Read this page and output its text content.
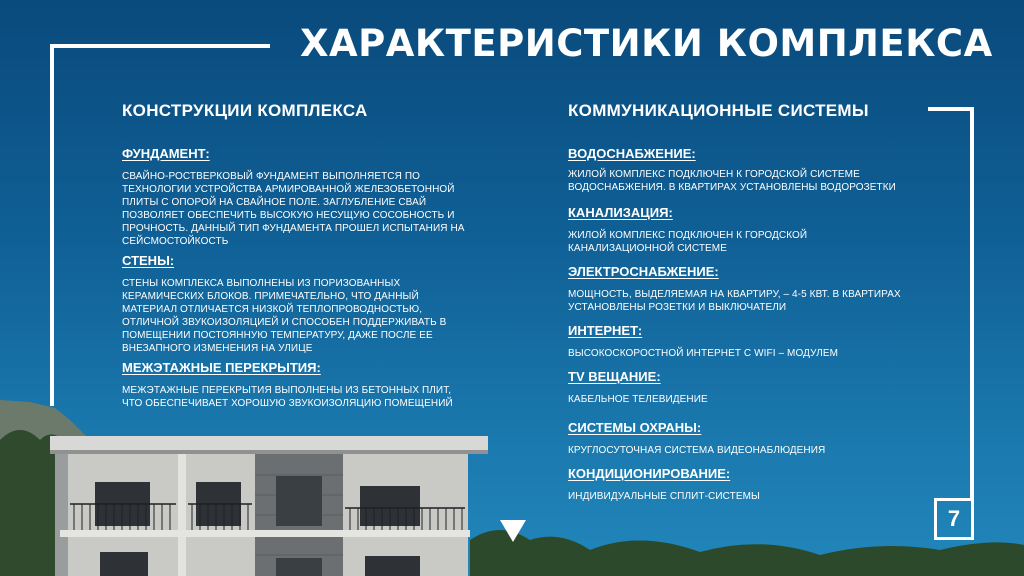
ХАРАКТЕРИСТИКИ КОМПЛЕКСА
КОНСТРУКЦИИ КОМПЛЕКСА
ФУНДАМЕНТ:
СВАЙНО-РОСТВЕРКОВЫЙ ФУНДАМЕНТ ВЫПОЛНЯЕТСЯ ПО ТЕХНОЛОГИИ УСТРОЙСТВА АРМИРОВАННОЙ ЖЕЛЕЗОБЕТОННОЙ ПЛИТЫ С ОПОРОЙ НА СВАЙНОЕ ПОЛЕ. ЗАГЛУБЛЕНИЕ СВАЙ ПОЗВОЛЯЕТ ОБЕСПЕЧИТЬ ВЫСОКУЮ НЕСУЩУЮ СОСОБНОСТЬ И ПРОЧНОСТЬ. ДАННЫЙ ТИП ФУНДАМЕНТА ПРОШЕЛ ИСПЫТАНИЯ НА СЕЙСМОСТОЙКОСТЬ
СТЕНЫ:
СТЕНЫ КОМПЛЕКСА ВЫПОЛНЕНЫ ИЗ ПОРИЗОВАННЫХ КЕРАМИЧЕСКИХ БЛОКОВ. ПРИМЕЧАТЕЛЬНО, ЧТО ДАННЫЙ МАТЕРИАЛ ОТЛИЧАЕТСЯ НИЗКОЙ ТЕПЛОПРОВОДНОСТЬЮ, ОТЛИЧНОЙ ЗВУКОИЗОЛЯЦИЕЙ И СПОСОБЕН ПОДДЕРЖИВАТЬ В ПОМЕЩЕНИИ ПОСТОЯННУЮ ТЕМПЕРАТУРУ, ДАЖЕ ПОСЛЕ ЕЕ ВНЕЗАПНОГО ИЗМЕНЕНИЯ НА УЛИЦЕ
МЕЖЭТАЖНЫЕ ПЕРЕКРЫТИЯ:
МЕЖЭТАЖНЫЕ ПЕРЕКРЫТИЯ ВЫПОЛНЕНЫ ИЗ БЕТОННЫХ ПЛИТ, ЧТО ОБЕСПЕЧИВАЕТ ХОРОШУЮ ЗВУКОИЗОЛЯЦИЮ ПОМЕЩЕНИЙ
КОММУНИКАЦИОННЫЕ СИСТЕМЫ
ВОДОСНАБЖЕНИЕ:
ЖИЛОЙ КОМПЛЕКС ПОДКЛЮЧЕН К ГОРОДСКОЙ СИСТЕМЕ ВОДОСНАБЖЕНИЯ. В КВАРТИРАХ УСТАНОВЛЕНЫ ВОДОРОЗЕТКИ
КАНАЛИЗАЦИЯ:
ЖИЛОЙ КОМПЛЕКС ПОДКЛЮЧЕН К ГОРОДСКОЙ КАНАЛИЗАЦИОННОЙ СИСТЕМЕ
ЭЛЕКТРОСНАБЖЕНИЕ:
МОЩНОСТЬ, ВЫДЕЛЯЕМАЯ НА КВАРТИРУ, – 4-5 КВТ. В КВАРТИРАХ УСТАНОВЛЕНЫ РОЗЕТКИ И ВЫКЛЮЧАТЕЛИ
ИНТЕРНЕТ:
ВЫСОКОСКОРОСТНОЙ ИНТЕРНЕТ С WIFI – МОДУЛЕМ
TV ВЕЩАНИЕ:
КАБЕЛЬНОЕ ТЕЛЕВИДЕНИЕ
СИСТЕМЫ ОХРАНЫ:
КРУГЛОСУТОЧНАЯ СИСТЕМА ВИДЕОНАБЛЮДЕНИЯ
КОНДИЦИОНИРОВАНИЕ:
ИНДИВИДУАЛЬНЫЕ СПЛИТ-СИСТЕМЫ
7
